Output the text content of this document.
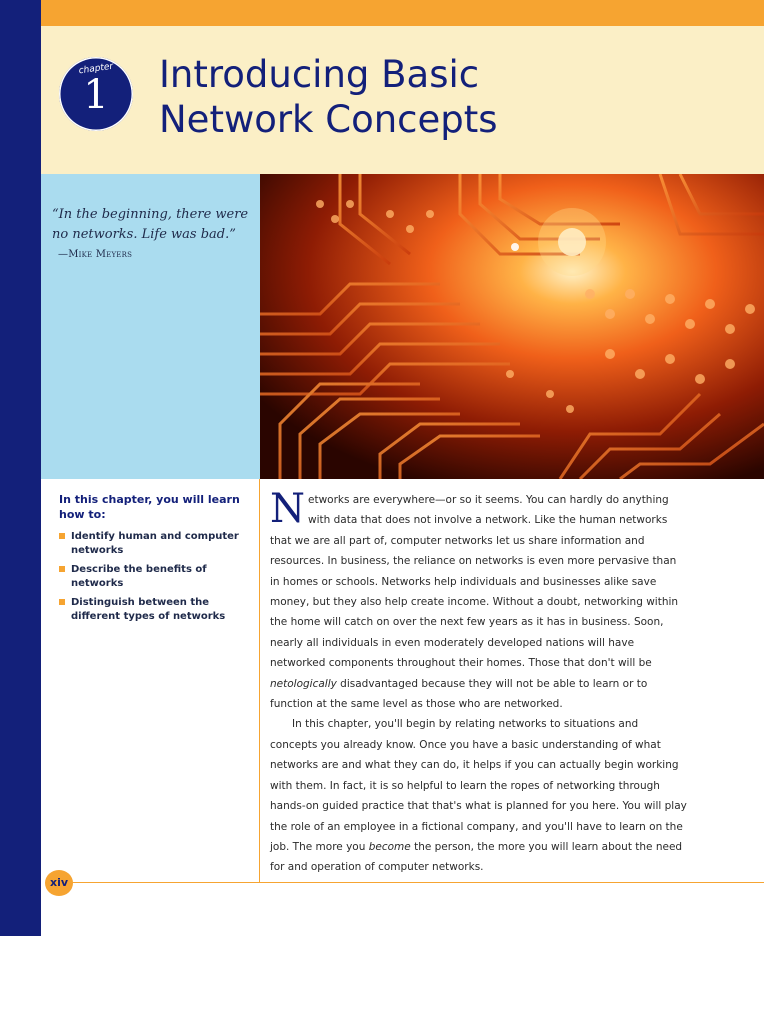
chapter
1	Introducing Basic
Network Concepts

“In the beginning, there were no networks. Life was bad.”

—Mike Meyers

In this chapter, you will learn how to:

Identify human and computer networks
Describe the benefits of networks
Distinguish between the different types of networks

Networks are everywhere—or so it seems. You can hardly do anything with data that does not involve a network. Like the human networks that we are all part of, computer networks let us share information and resources. In business, the reliance on networks is even more pervasive than in homes or schools. Networks help individuals and businesses alike save money, but they also help create income. Without a doubt, networking within the home will catch on over the next few years as it has in business. Soon, nearly all individuals in even moderately developed nations will have networked components throughout their homes. Those that don't will be netologically disadvantaged because they will not be able to learn or to function at the same level as those who are networked.

In this chapter, you'll begin by relating networks to situations and concepts you already know. Once you have a basic understanding of what networks are and what they can do, it helps if you can actually begin working with them. In fact, it is so helpful to learn the ropes of networking through hands-on guided practice that that's what is planned for you here. You will play the role of an employee in a fictional company, and you'll have to learn on the job. The more you become the person, the more you will learn about the need for and operation of computer networks.

xiv
